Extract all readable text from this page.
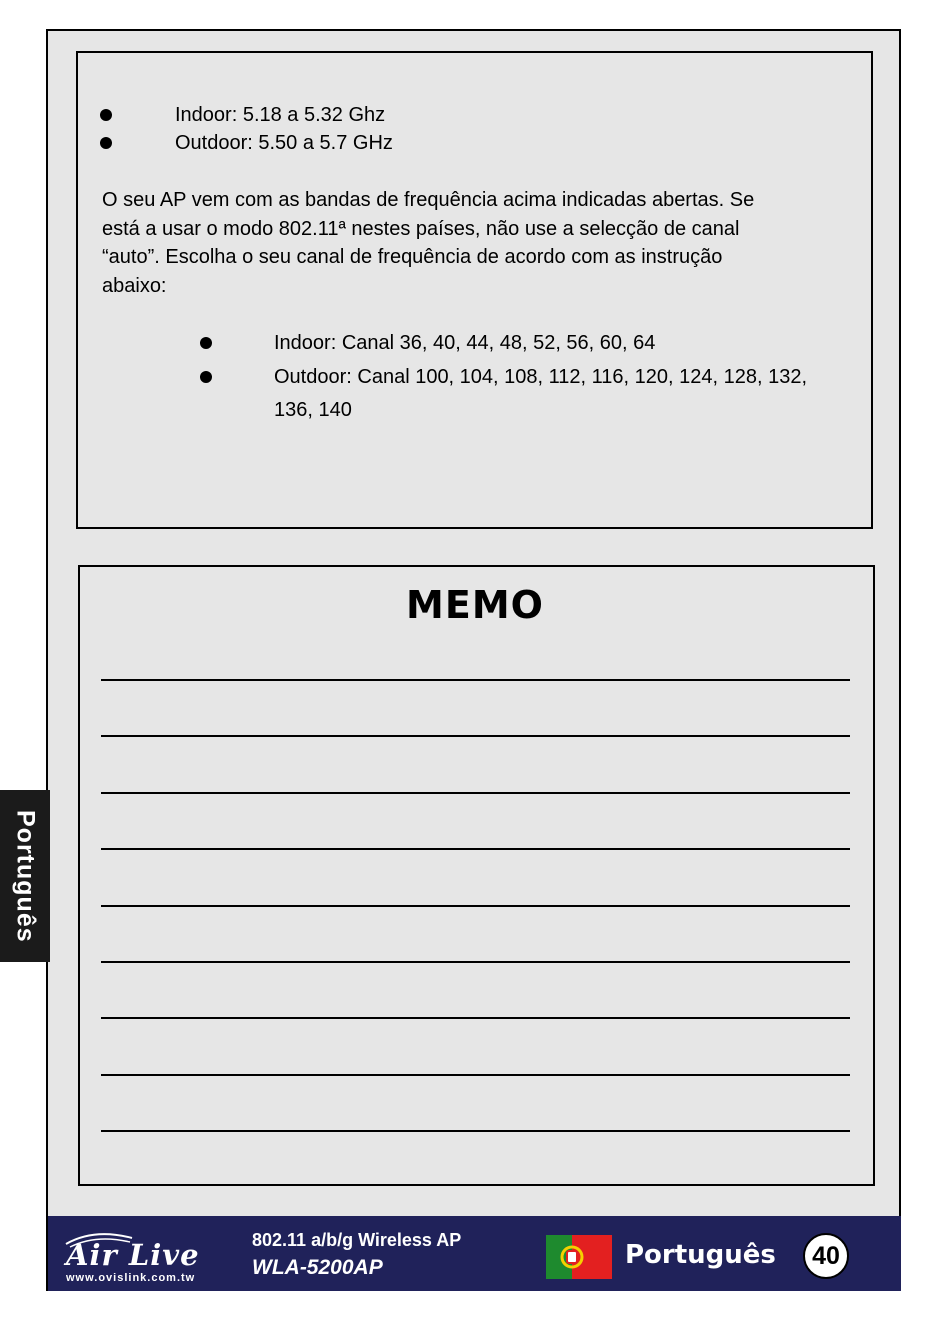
Indoor: 5.18 a 5.32 Ghz
Outdoor: 5.50 a 5.7 GHz
O seu AP vem com as bandas de frequência acima indicadas abertas. Se
está a usar o modo 802.11ª nestes países, não use a selecção de canal
“auto”. Escolha o seu canal de frequência de acordo com as instrução
abaixo:
Indoor: Canal 36, 40, 44, 48, 52, 56, 60, 64
Outdoor: Canal 100, 104, 108, 112, 116, 120, 124, 128, 132, 136, 140
MEMO
Português
Air Live
www.ovislink.com.tw
802.11 a/b/g Wireless AP
WLA-5200AP	Português	40
